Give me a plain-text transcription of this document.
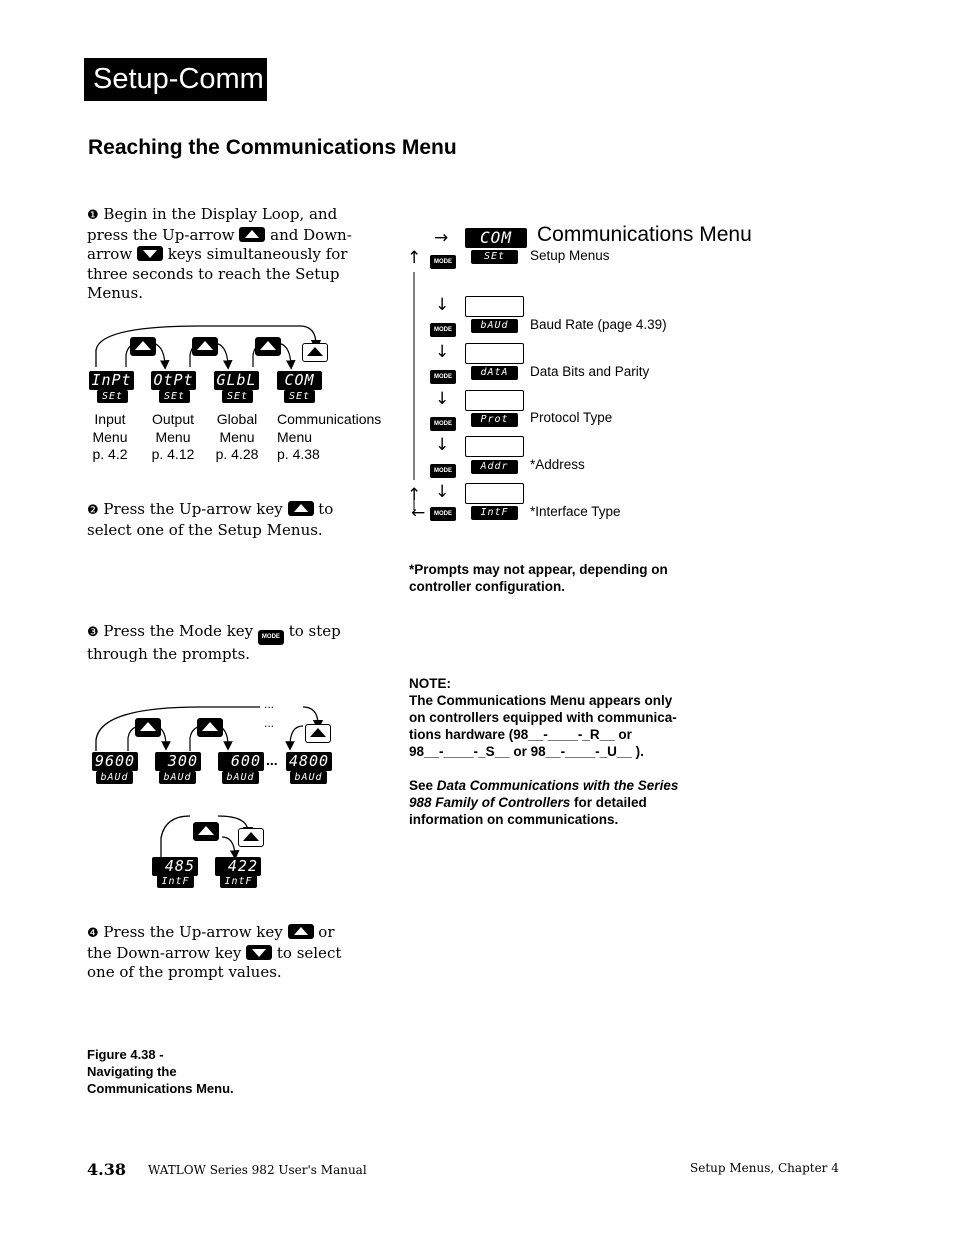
Setup-Comm
Reaching the Communications Menu
❶ Begin in the Display Loop, and press the Up-arrow  and Down-arrow  keys simultaneously for three seconds to reach the Setup Menus.
InPt
SEt
OtPt
SEt
GLbL
SEt
COM
SEt
Input
Menu
p. 4.2
Output
Menu
p. 4.12
Global
Menu
p. 4.28
Communications
Menu
p. 4.38
❷ Press the Up-arrow key  to select one of the Setup Menus.
❸ Press the Mode key MODE to step through the prompts.
...
...
9600
bAUd
300
bAUd
600
bAUd
... 4800
bAUd
485
IntF
422
IntF
❹ Press the Up-arrow key  or the Down-arrow key  to select one of the prompt values.
Figure 4.38 -
Navigating the
Communications Menu.
→	COM	Communications Menu
↑
↑
←
MODE	SEt	Setup Menus
↓
MODE	bAUd	Baud Rate (page 4.39)
↓
MODE	dAtA	Data Bits and Parity
↓
MODE	Prot	Protocol Type
↓
MODE	Addr	*Address
↓
MODE	IntF	*Interface Type
*Prompts may not appear, depending on
controller configuration.
NOTE:
The Communications Menu appears only
on controllers equipped with communica-
tions hardware (98__-____-_R__ or
98__-____-_S__ or 98__-____-_U__ ).
See Data Communications with the Series
988 Family of Controllers for detailed
information on communications.
4.38 WATLOW Series 982 User's Manual	Setup Menus, Chapter 4
